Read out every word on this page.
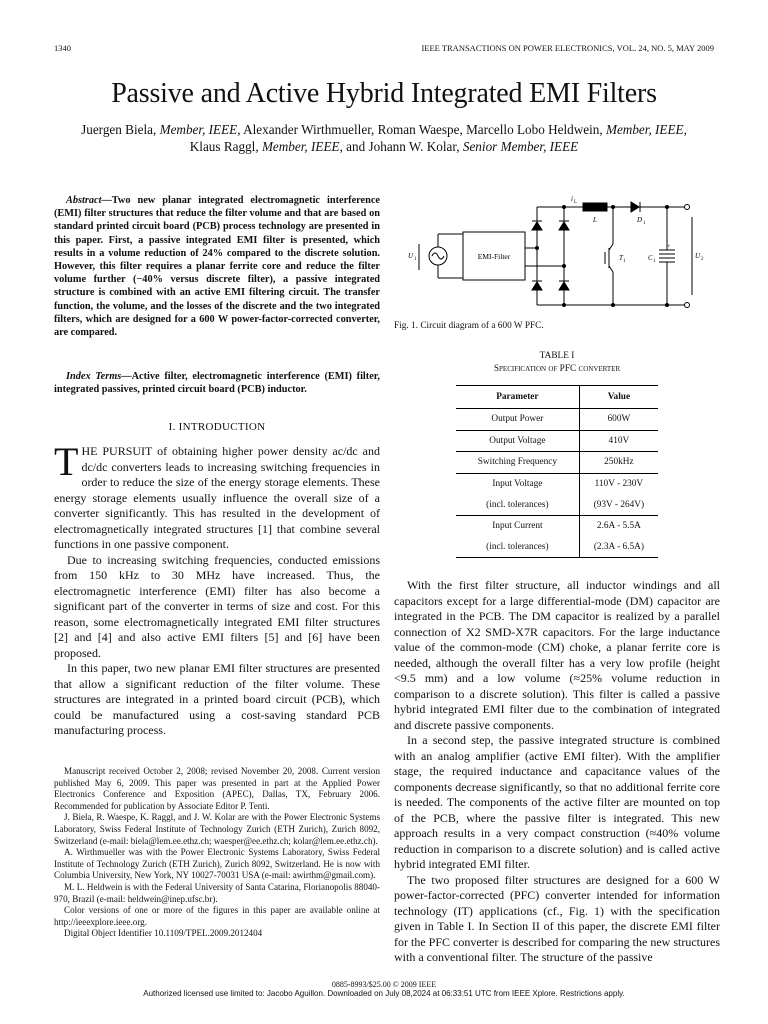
1340	IEEE TRANSACTIONS ON POWER ELECTRONICS, VOL. 24, NO. 5, MAY 2009
Passive and Active Hybrid Integrated EMI Filters
Juergen Biela, Member, IEEE, Alexander Wirthmueller, Roman Waespe, Marcello Lobo Heldwein, Member, IEEE,
Klaus Raggl, Member, IEEE, and Johann W. Kolar, Senior Member, IEEE
Abstract—Two new planar integrated electromagnetic interference (EMI) filter structures that reduce the filter volume and that are based on standard printed circuit board (PCB) process technology are presented in this paper. First, a passive integrated EMI filter is presented, which results in a volume reduction of 24% compared to the discrete solution. However, this filter requires a planar ferrite core and reduce the filter volume further (−40% versus discrete filter), a passive integrated structure is combined with an active EMI filtering circuit. The transfer function, the volume, and the losses of the discrete and the two integrated filters, which are designed for a 600 W power-factor-corrected converter, are compared.
Index Terms—Active filter, electromagnetic interference (EMI) filter, integrated passives, printed circuit board (PCB) inductor.
I. INTRODUCTION

THE PURSUIT of obtaining higher power density ac/dc and dc/dc converters leads to increasing switching frequencies in order to reduce the size of the energy storage elements. These energy storage elements usually influence the overall size of a converter significantly. This has resulted in the development of electromagnetically integrated structures [1] that combine several functions in one passive component.

Due to increasing switching frequencies, conducted emissions from 150 kHz to 30 MHz have increased. Thus, the electromagnetic interference (EMI) filter has also become a significant part of the converter in terms of size and cost. For this reason, some electromagnetically integrated EMI filter structures [2] and [4] and also active EMI filters [5] and [6] have been proposed.

In this paper, two new planar EMI filter structures are presented that allow a significant reduction of the filter volume. These structures are integrated in a printed board circuit (PCB), which could be manufactured using a cost-saving standard PCB manufacturing process.

Manuscript received October 2, 2008; revised November 20, 2008. Current version published May 6, 2009. This paper was presented in part at the Applied Power Electronics Conference and Exposition (APEC), Dallas, TX, February 2006. Recommended for publication by Associate Editor P. Tenti.

J. Biela, R. Waespe, K. Raggl, and J. W. Kolar are with the Power Electronic Systems Laboratory, Swiss Federal Institute of Technology Zurich (ETH Zurich), Zurich 8092, Switzerland (e-mail: biela@lem.ee.ethz.ch; waesper@ee.ethz.ch; kolar@lem.ee.ethz.ch).

A. Wirthmueller was with the Power Electronic Systems Laboratory, Swiss Federal Institute of Technology Zurich (ETH Zurich), Zurich 8092, Switzerland. He is now with Columbia University, New York, NY 10027-70031 USA (e-mail: awirthm@gmail.com).

M. L. Heldwein is with the Federal University of Santa Catarina, Florianopolis 88040-970, Brazil (e-mail: heldwein@inep.ufsc.br).

Color versions of one or more of the figures in this paper are available online at http://ieeexplore.ieee.org.

Digital Object Identifier 10.1109/TPEL.2009.2012404

U 1	EMI-Filter
i L
L	D 1
T 1	C 1
+
U 2
Fig. 1. Circuit diagram of a 600 W PFC.
TABLE I
Specification of PFC converter
Parameter	Value
Output Power	600W
Output Voltage	410V
Switching Frequency	250kHz
Input Voltage	110V - 230V
(incl. tolerances)	(93V - 264V)
Input Current	2.6A - 5.5A
(incl. tolerances)	(2.3A - 6.5A)

With the first filter structure, all inductor windings and all capacitors except for a large differential-mode (DM) capacitor are integrated in the PCB. The DM capacitor is realized by a parallel connection of X2 SMD-X7R capacitors. For the large inductance value of the common-mode (CM) choke, a planar ferrite core is needed, although the overall filter has a very low profile (height <9.5 mm) and a low volume (≈25% volume reduction in comparison to a discrete solution). This filter is called a passive hybrid integrated EMI filter due to the combination of integrated and discrete passive components.

In a second step, the passive integrated structure is combined with an analog amplifier (active EMI filter). With the amplifier stage, the required inductance and capacitance values of the components decrease significantly, so that no additional ferrite core is needed. The components of the active filter are mounted on top of the PCB, where the passive filter is integrated. This new approach results in a very compact construction (≈40% volume reduction in comparison to a discrete solution) and is called active hybrid integrated EMI filter.

The two proposed filter structures are designed for a 600 W power-factor-corrected (PFC) converter intended for information technology (IT) applications (cf., Fig. 1) with the specification given in Table I. In Section II of this paper, the discrete EMI filter for the PFC converter is described for comparing the new structures with a conventional filter. The structure of the passive

0885-8993/$25.00 © 2009 IEEE
Authorized licensed use limited to: Jacobo Aguillon. Downloaded on July 08,2024 at 06:33:51 UTC from IEEE Xplore. Restrictions apply.
